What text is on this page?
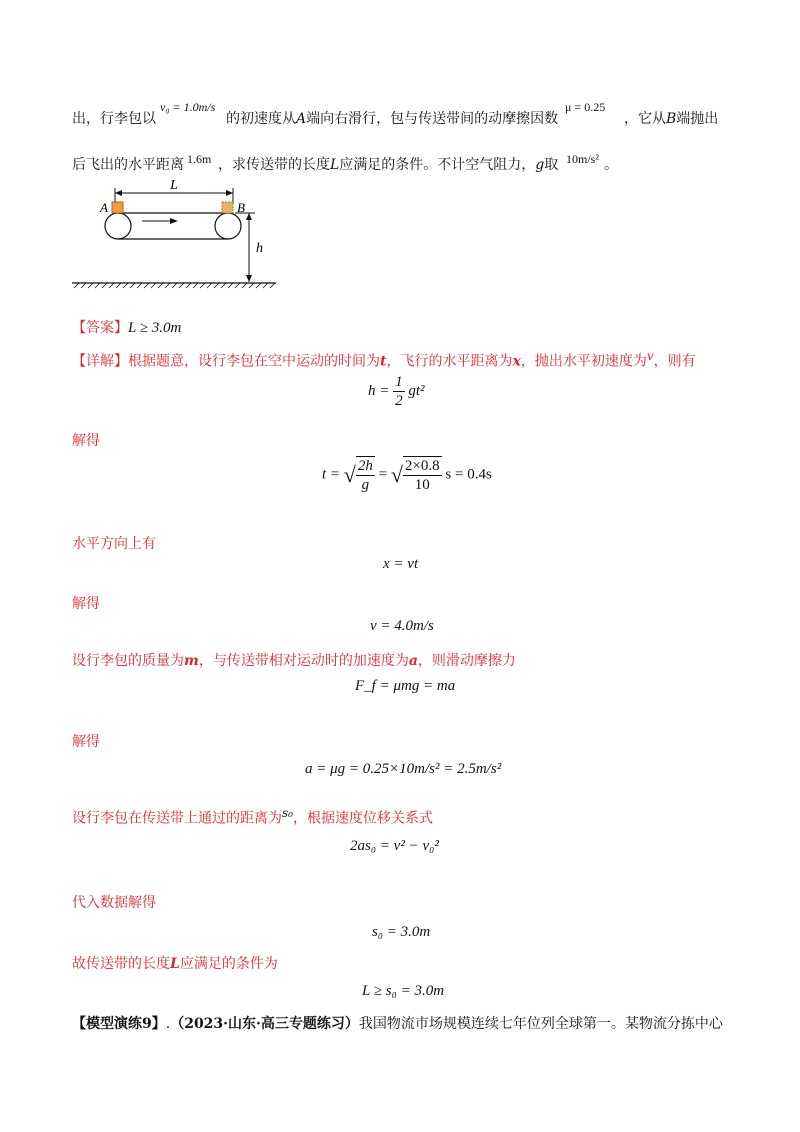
出，行李包以
v₀ = 1.0m/s
的初速度从A端向右滑行，包与传送带间的动摩擦因数
μ = 0.25
，它从B端抛出
后飞出的水平距离 1.6m ，求传送带的长度L应满足的条件。不计空气阻力，g取 10m/s² 。
L
A	B
h
【答案】L ≥ 3.0m
【详解】根据题意，设行李包在空中运动的时间为t，飞行的水平距离为x，抛出水平初速度为v，则有
$h = \frac{1}{2} gt^2$
解得
t = √ $\frac{2h}{g}$ = √ $\frac{2\times 0.8}{10}$ s = 0.4s
水平方向上有
x = vt
解得
v = 4.0m/s
设行李包的质量为m，与传送带相对运动时的加速度为a，则滑动摩擦力
F_f = μmg = ma
解得
a = μg = 0.25×10m/s² = 2.5m/s²
设行李包在传送带上通过的距离为s₀，根据速度位移关系式
2as₀ = v² − v₀²
代入数据解得
s₀ = 3.0m
故传送带的长度L应满足的条件为
L ≥ s₀ = 3.0m
【模型演练9】.（2023·山东·高三专题练习）我国物流市场规模连续七年位列全球第一。某物流分拣中心
